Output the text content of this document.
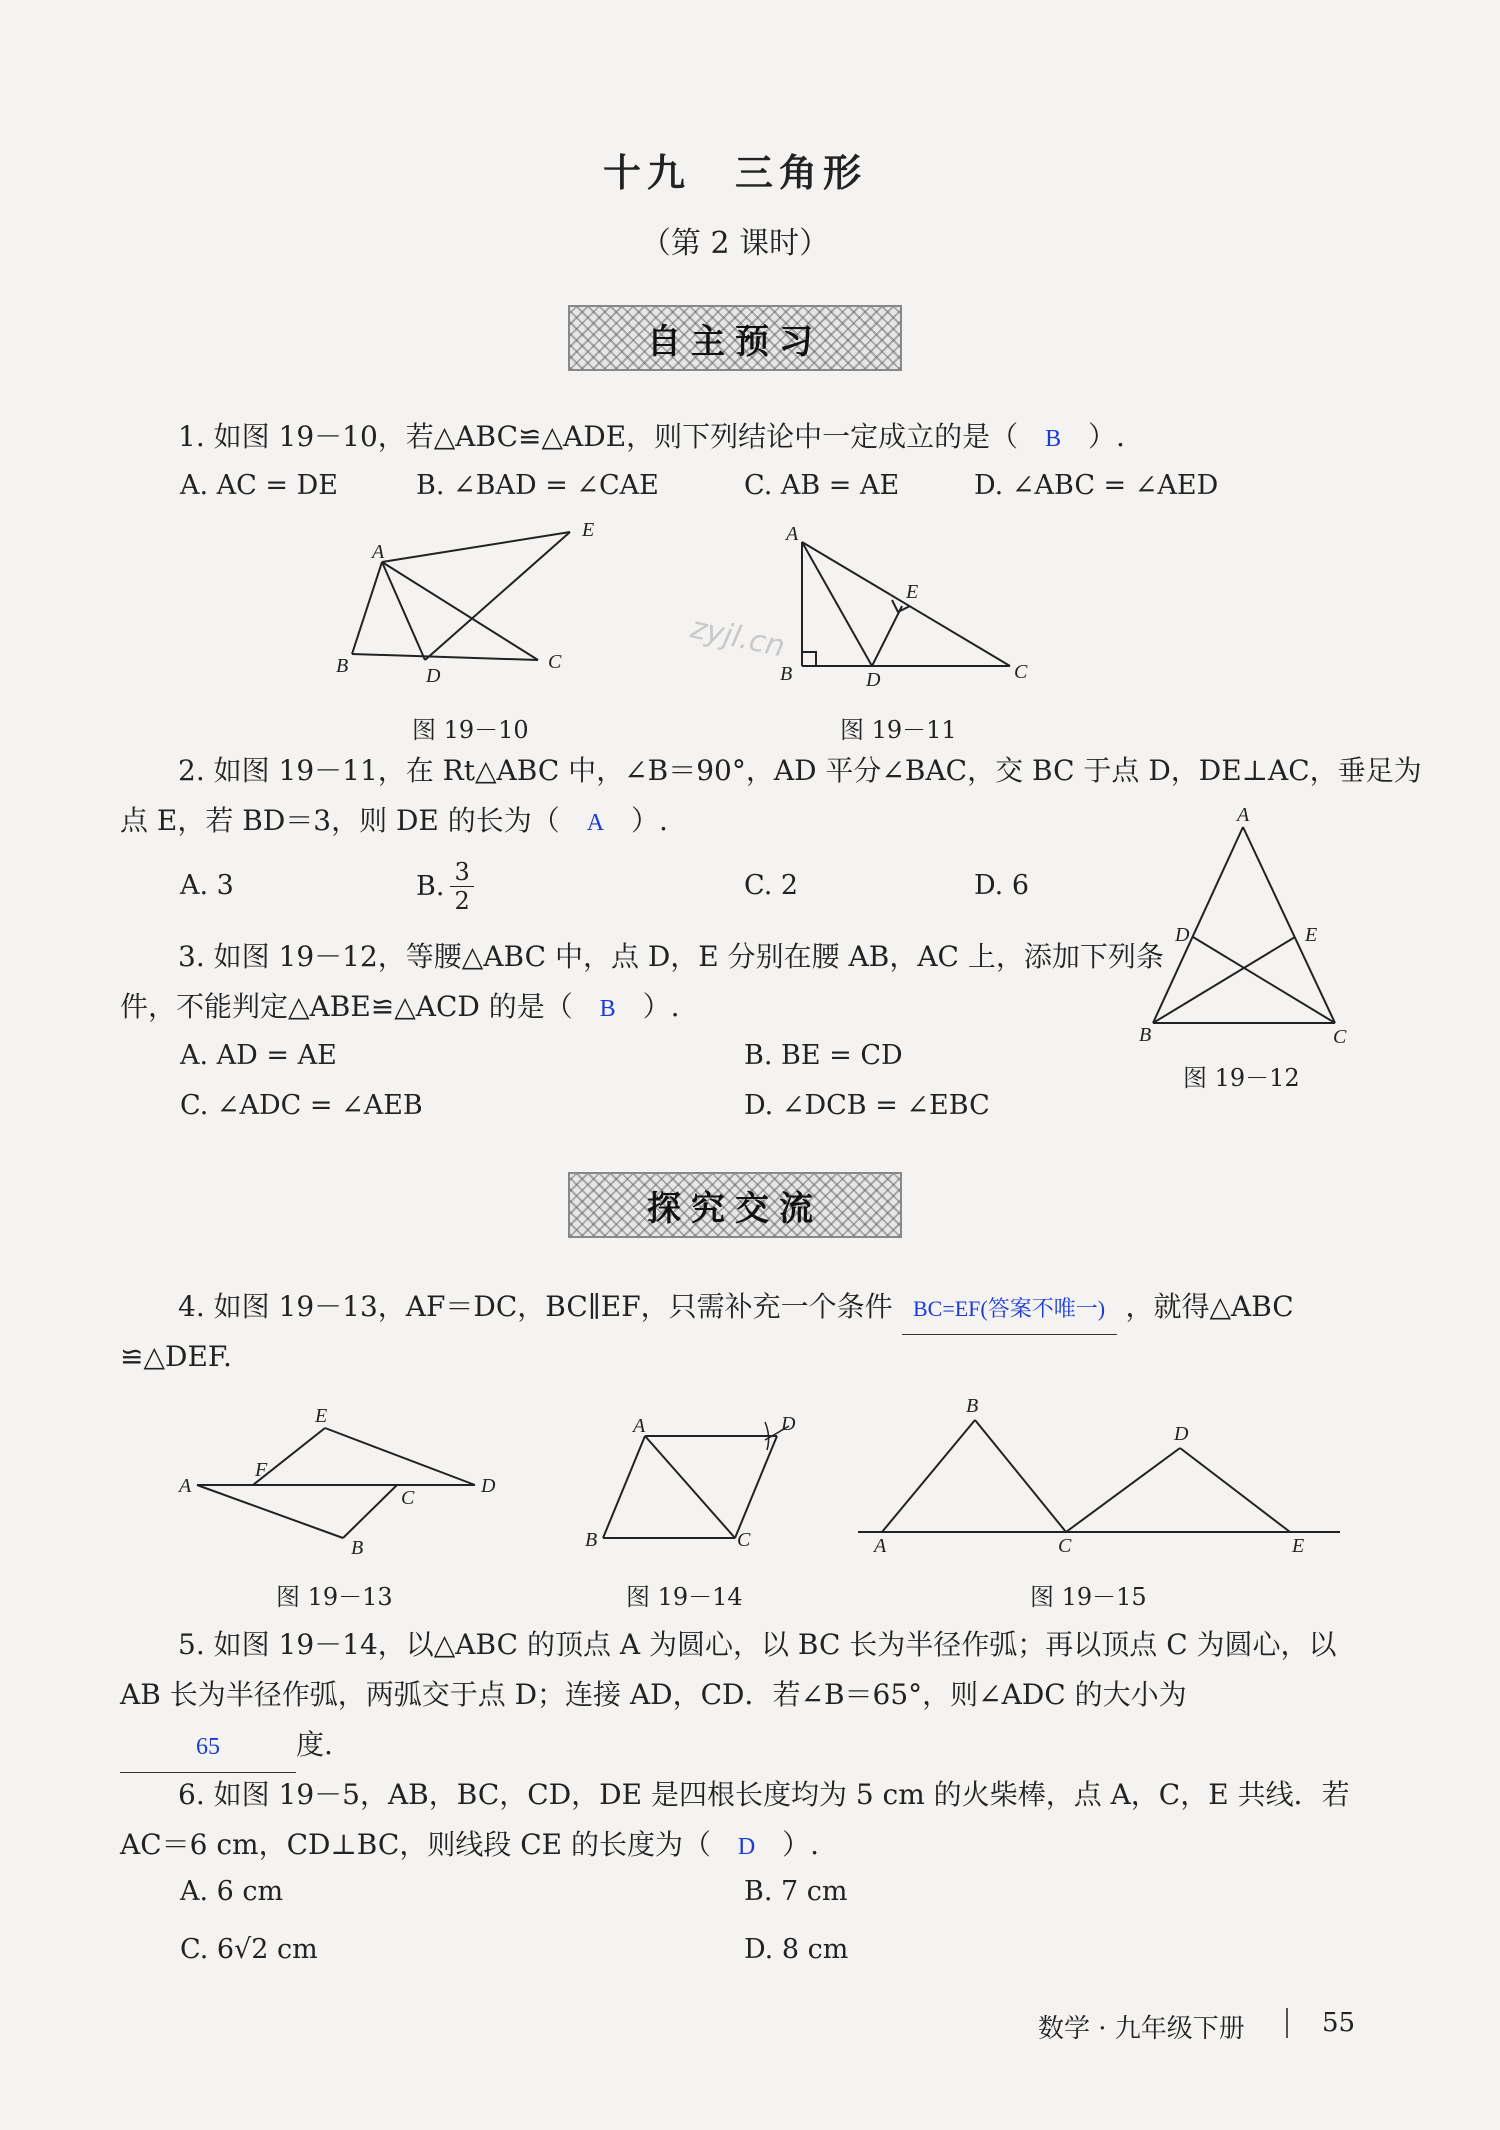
十九　三角形
（第 2 课时）
自主预习
1. 如图 19－10，若△ABC≌△ADE，则下列结论中一定成立的是（ B ）.
A. AC = DE	B. ∠BAD = ∠CAE	C. AB = AE	D. ∠ABC = ∠AED
A
E
B	D
C
图 19－10
A
E
B	D	C
zyjl.cn
图 19－11
2. 如图 19－11，在 Rt△ABC 中，∠B＝90°，AD 平分∠BAC，交 BC 于点 D，DE⊥AC，垂足为
点 E，若 BD＝3，则 DE 的长为（ A ）.
A. 3	B. $\frac{3}{2}$	C. 2	D. 6
A
D	E
B	C
图 19－12
3. 如图 19－12，等腰△ABC 中，点 D，E 分别在腰 AB，AC 上，添加下列条
件，不能判定△ABE≌△ACD 的是（ B ）.
A. AD = AE	B. BE = CD
C. ∠ADC = ∠AEB	D. ∠DCB = ∠EBC
探究交流
4. 如图 19－13，AF＝DC，BC∥EF，只需补充一个条件 BC=EF(答案不唯一) ，就得△ABC
≌△DEF.
A
E
F
D
C
B
图 19－13
A	D
B	C
图 19－14
B
D
A	C	E
图 19－15
5. 如图 19－14，以△ABC 的顶点 A 为圆心，以 BC 长为半径作弧；再以顶点 C 为圆心，以
AB 长为半径作弧，两弧交于点 D；连接 AD，CD．若∠B＝65°，则∠ADC 的大小为
65	度.
6. 如图 19－5，AB，BC，CD，DE 是四根长度均为 5 cm 的火柴棒，点 A，C，E 共线．若
AC＝6 cm，CD⊥BC，则线段 CE 的长度为（ D ）.
A. 6 cm	B. 7 cm
C. 6√2 cm	D. 8 cm
数学 · 九年级下册	55
